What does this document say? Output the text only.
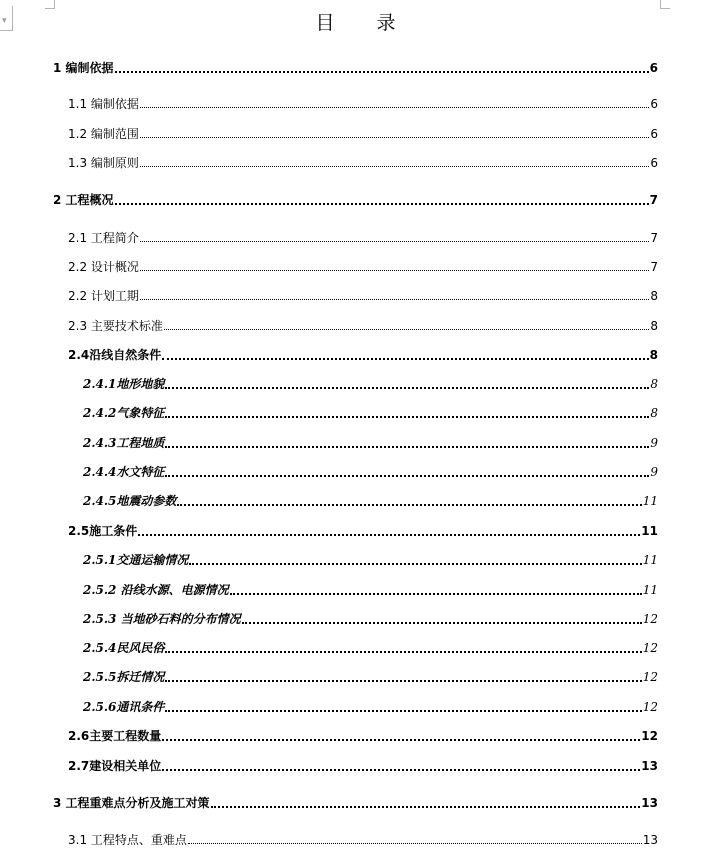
▾	目 录
1 编制依据	6
1.1 编制依据	6
1.2 编制范围	6
1.3 编制原则	6
2 工程概况	7
2.1 工程简介	7
2.2 设计概况	7
2.2 计划工期	8
2.3 主要技术标准	8
2.4沿线自然条件	8
2.4.1地形地貌	8
2.4.2气象特征	8
2.4.3工程地质	9
2.4.4水文特征	9
2.4.5地震动参数	11
2.5施工条件	11
2.5.1交通运输情况	11
2.5.2 沿线水源、电源情况	11
2.5.3 当地砂石料的分布情况	12
2.5.4民风民俗	12
2.5.5拆迁情况	12
2.5.6通讯条件	12
2.6主要工程数量	12
2.7建设相关单位	13
3 工程重难点分析及施工对策	13
3.1 工程特点、重难点	13
